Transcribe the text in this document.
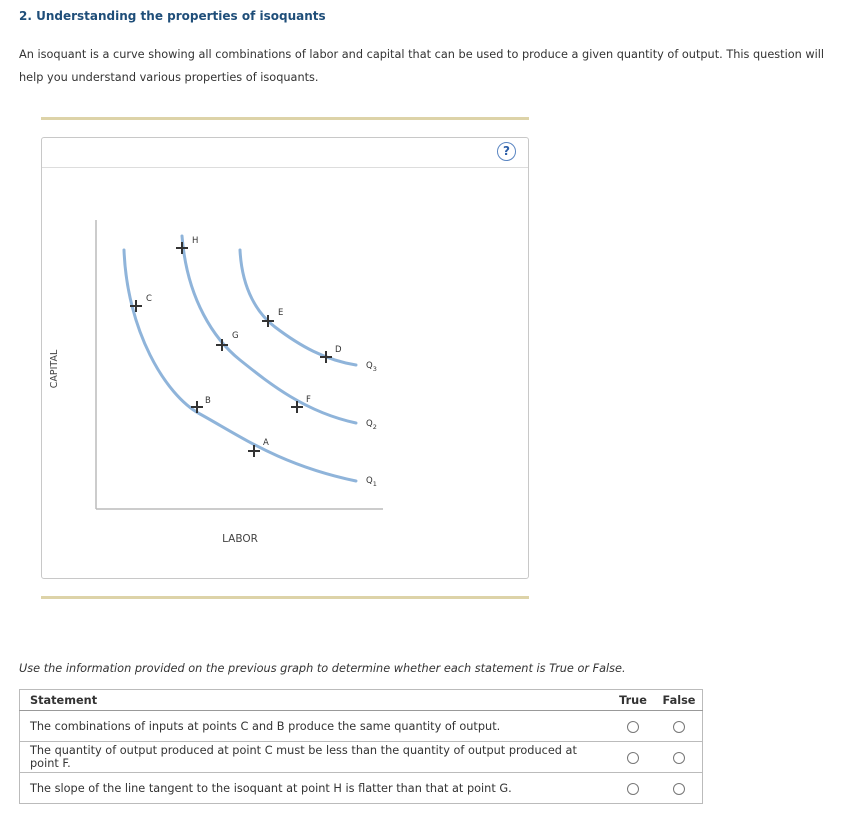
2. Understanding the properties of isoquants
An isoquant is a curve showing all combinations of labor and capital that can be used to produce a given quantity of output. This question will help you understand various properties of isoquants.
?
CAPITAL
LABOR
$Q_3$
$Q_2$
$Q_1$
H
C
G
E
D
B	F
A
Use the information provided on the previous graph to determine whether each statement is True or False.
Statement	True	False
The combinations of inputs at points C and B produce the same quantity of output.		
The quantity of output produced at point C must be less than the quantity of output produced at point F.		
The slope of the line tangent to the isoquant at point H is flatter than that at point G.		
